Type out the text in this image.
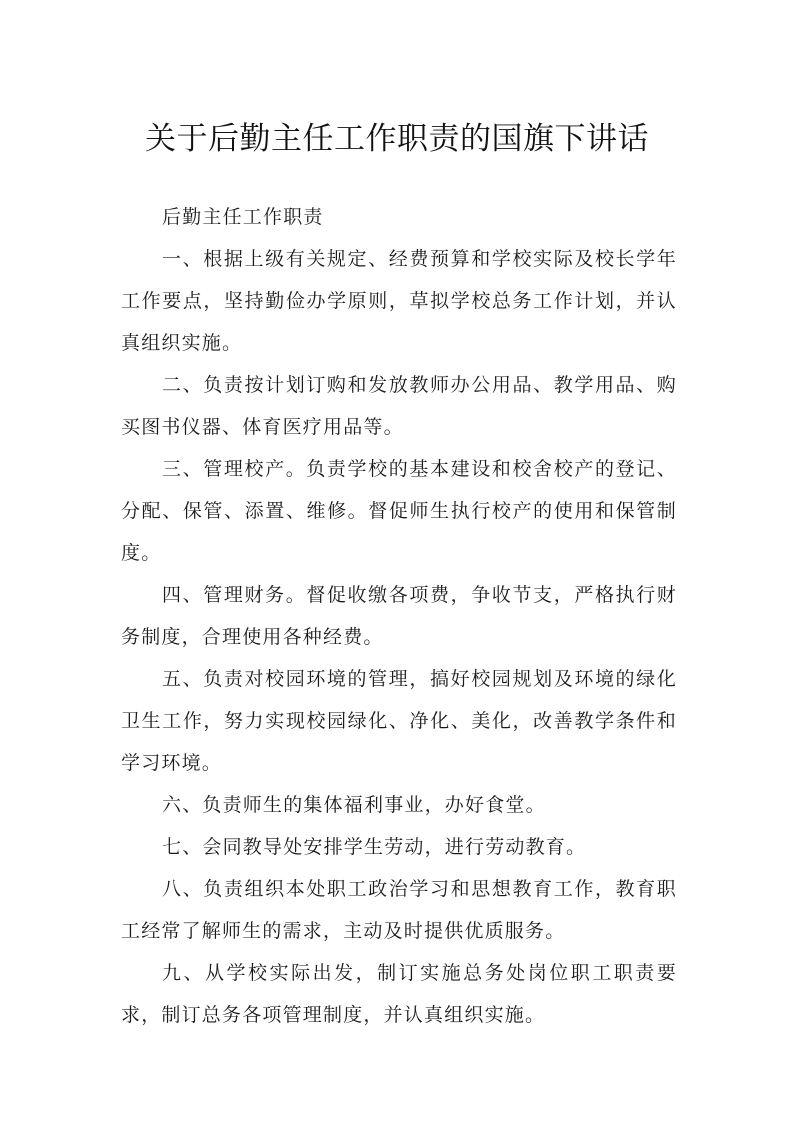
关于后勤主任工作职责的国旗下讲话

后勤主任工作职责

一、根据上级有关规定、经费预算和学校实际及校长学年工作要点，坚持勤俭办学原则，草拟学校总务工作计划，并认真组织实施。

二、负责按计划订购和发放教师办公用品、教学用品、购买图书仪器、体育医疗用品等。

三、管理校产。负责学校的基本建设和校舍校产的登记、分配、保管、添置、维修。督促师生执行校产的使用和保管制度。

四、管理财务。督促收缴各项费，争收节支，严格执行财务制度，合理使用各种经费。

五、负责对校园环境的管理，搞好校园规划及环境的绿化卫生工作，努力实现校园绿化、净化、美化，改善教学条件和学习环境。

六、负责师生的集体福利事业，办好食堂。

七、会同教导处安排学生劳动，进行劳动教育。

八、负责组织本处职工政治学习和思想教育工作，教育职工经常了解师生的需求，主动及时提供优质服务。

九、从学校实际出发，制订实施总务处岗位职工职责要求，制订总务各项管理制度，并认真组织实施。
